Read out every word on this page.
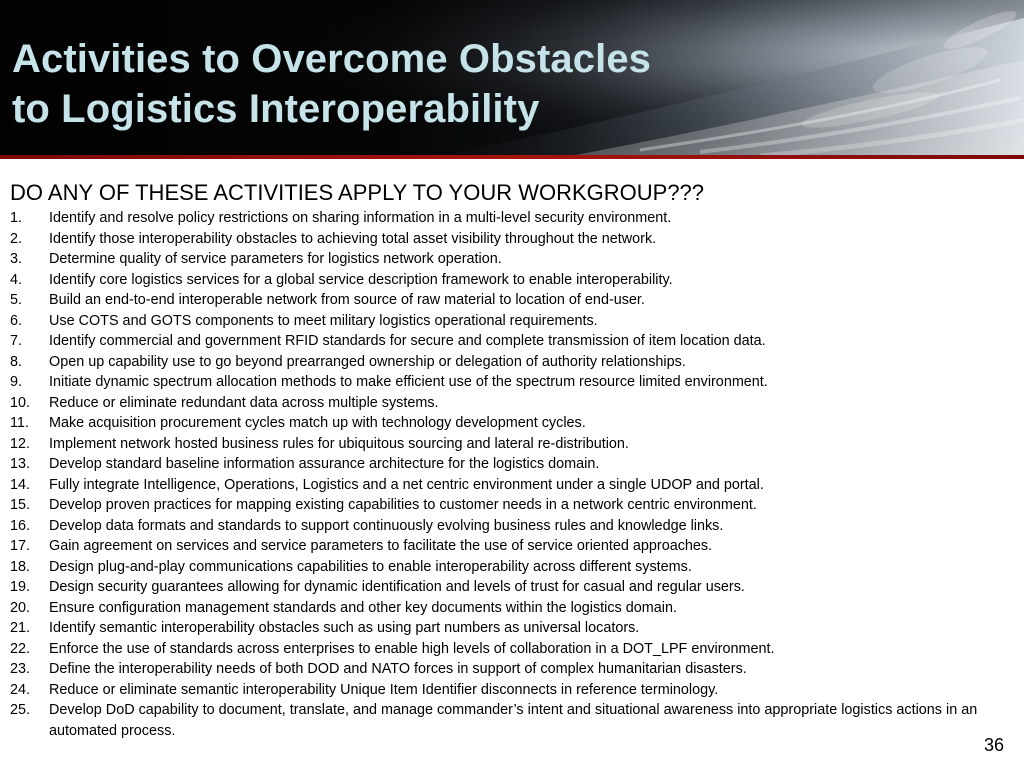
Activities to Overcome Obstacles
to Logistics Interoperability

DO ANY OF THESE ACTIVITIES APPLY TO YOUR WORKGROUP???

1. Identify and resolve policy restrictions on sharing information in a multi-level security environment.
2. Identify those interoperability obstacles to achieving total asset visibility throughout the network.
3. Determine quality of service parameters for logistics network operation.
4. Identify core logistics services for a global service description framework to enable interoperability.
5. Build an end-to-end interoperable network from source of raw material to location of end-user.
6. Use COTS and GOTS components to meet military logistics operational requirements.
7. Identify commercial and government RFID standards for secure and complete transmission of item location data.
8. Open up capability use to go beyond prearranged ownership or delegation of authority relationships.
9. Initiate dynamic spectrum allocation methods to make efficient use of the spectrum resource limited environment.
10. Reduce or eliminate redundant data across multiple systems.
11. Make acquisition procurement cycles match up with technology development cycles.
12. Implement network hosted business rules for ubiquitous sourcing and lateral re-distribution.
13. Develop standard baseline information assurance architecture for the logistics domain.
14. Fully integrate Intelligence, Operations, Logistics and a net centric environment under a single UDOP and portal.
15. Develop proven practices for mapping existing capabilities to customer needs in a network centric environment.
16. Develop data formats and standards to support continuously evolving business rules and knowledge links.
17. Gain agreement on services and service parameters to facilitate the use of service oriented approaches.
18. Design plug-and-play communications capabilities to enable interoperability across different systems.
19. Design security guarantees allowing for dynamic identification and levels of trust for casual and regular users.
20. Ensure configuration management standards and other key documents within the logistics domain.
21. Identify semantic interoperability obstacles such as using part numbers as universal locators.
22. Enforce the use of standards across enterprises to enable high levels of collaboration in a DOT_LPF environment.
23. Define the interoperability needs of both DOD and NATO forces in support of complex humanitarian disasters.
24. Reduce or eliminate semantic interoperability Unique Item Identifier disconnects in reference terminology.
25. Develop DoD capability to document, translate, and manage commander’s intent and situational awareness into appropriate logistics actions in an automated process.
36
